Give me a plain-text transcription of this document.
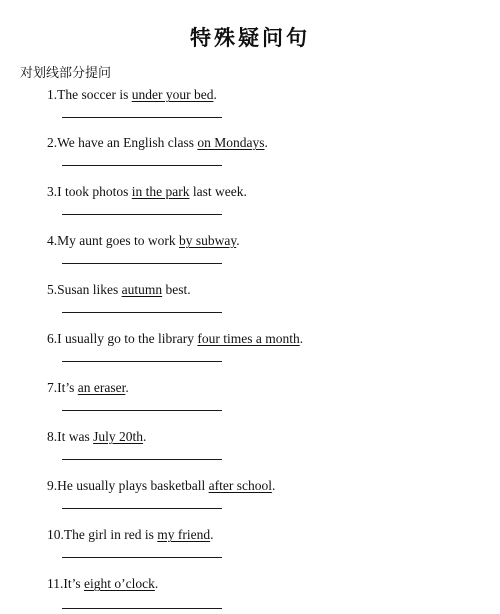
特殊疑问句
对划线部分提问
1.The soccer is under your bed.
2.We have an English class on Mondays.
3.I took photos in the park last week.
4.My aunt goes to work by subway.
5.Susan likes autumn best.
6.I usually go to the library four times a month.
7.It’s an eraser.
8.It was July 20th.
9.He usually plays basketball after school.
10.The girl in red is my friend.
11.It’s eight o’clock.
